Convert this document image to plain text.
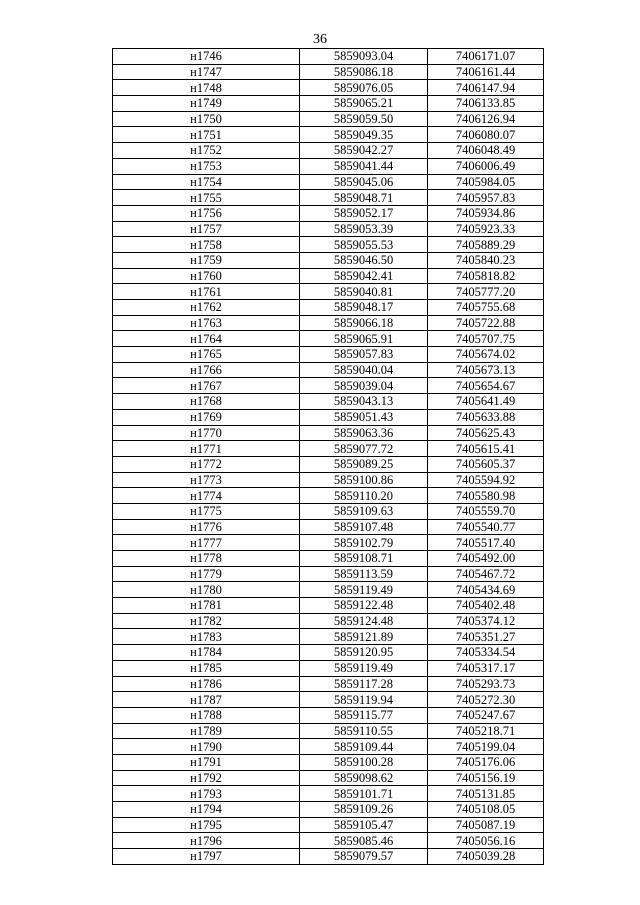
36
н1746	5859093.04	7406171.07
н1747	5859086.18	7406161.44
н1748	5859076.05	7406147.94
н1749	5859065.21	7406133.85
н1750	5859059.50	7406126.94
н1751	5859049.35	7406080.07
н1752	5859042.27	7406048.49
н1753	5859041.44	7406006.49
н1754	5859045.06	7405984.05
н1755	5859048.71	7405957.83
н1756	5859052.17	7405934.86
н1757	5859053.39	7405923.33
н1758	5859055.53	7405889.29
н1759	5859046.50	7405840.23
н1760	5859042.41	7405818.82
н1761	5859040.81	7405777.20
н1762	5859048.17	7405755.68
н1763	5859066.18	7405722.88
н1764	5859065.91	7405707.75
н1765	5859057.83	7405674.02
н1766	5859040.04	7405673.13
н1767	5859039.04	7405654.67
н1768	5859043.13	7405641.49
н1769	5859051.43	7405633.88
н1770	5859063.36	7405625.43
н1771	5859077.72	7405615.41
н1772	5859089.25	7405605.37
н1773	5859100.86	7405594.92
н1774	5859110.20	7405580.98
н1775	5859109.63	7405559.70
н1776	5859107.48	7405540.77
н1777	5859102.79	7405517.40
н1778	5859108.71	7405492.00
н1779	5859113.59	7405467.72
н1780	5859119.49	7405434.69
н1781	5859122.48	7405402.48
н1782	5859124.48	7405374.12
н1783	5859121.89	7405351.27
н1784	5859120.95	7405334.54
н1785	5859119.49	7405317.17
н1786	5859117.28	7405293.73
н1787	5859119.94	7405272.30
н1788	5859115.77	7405247.67
н1789	5859110.55	7405218.71
н1790	5859109.44	7405199.04
н1791	5859100.28	7405176.06
н1792	5859098.62	7405156.19
н1793	5859101.71	7405131.85
н1794	5859109.26	7405108.05
н1795	5859105.47	7405087.19
н1796	5859085.46	7405056.16
н1797	5859079.57	7405039.28
